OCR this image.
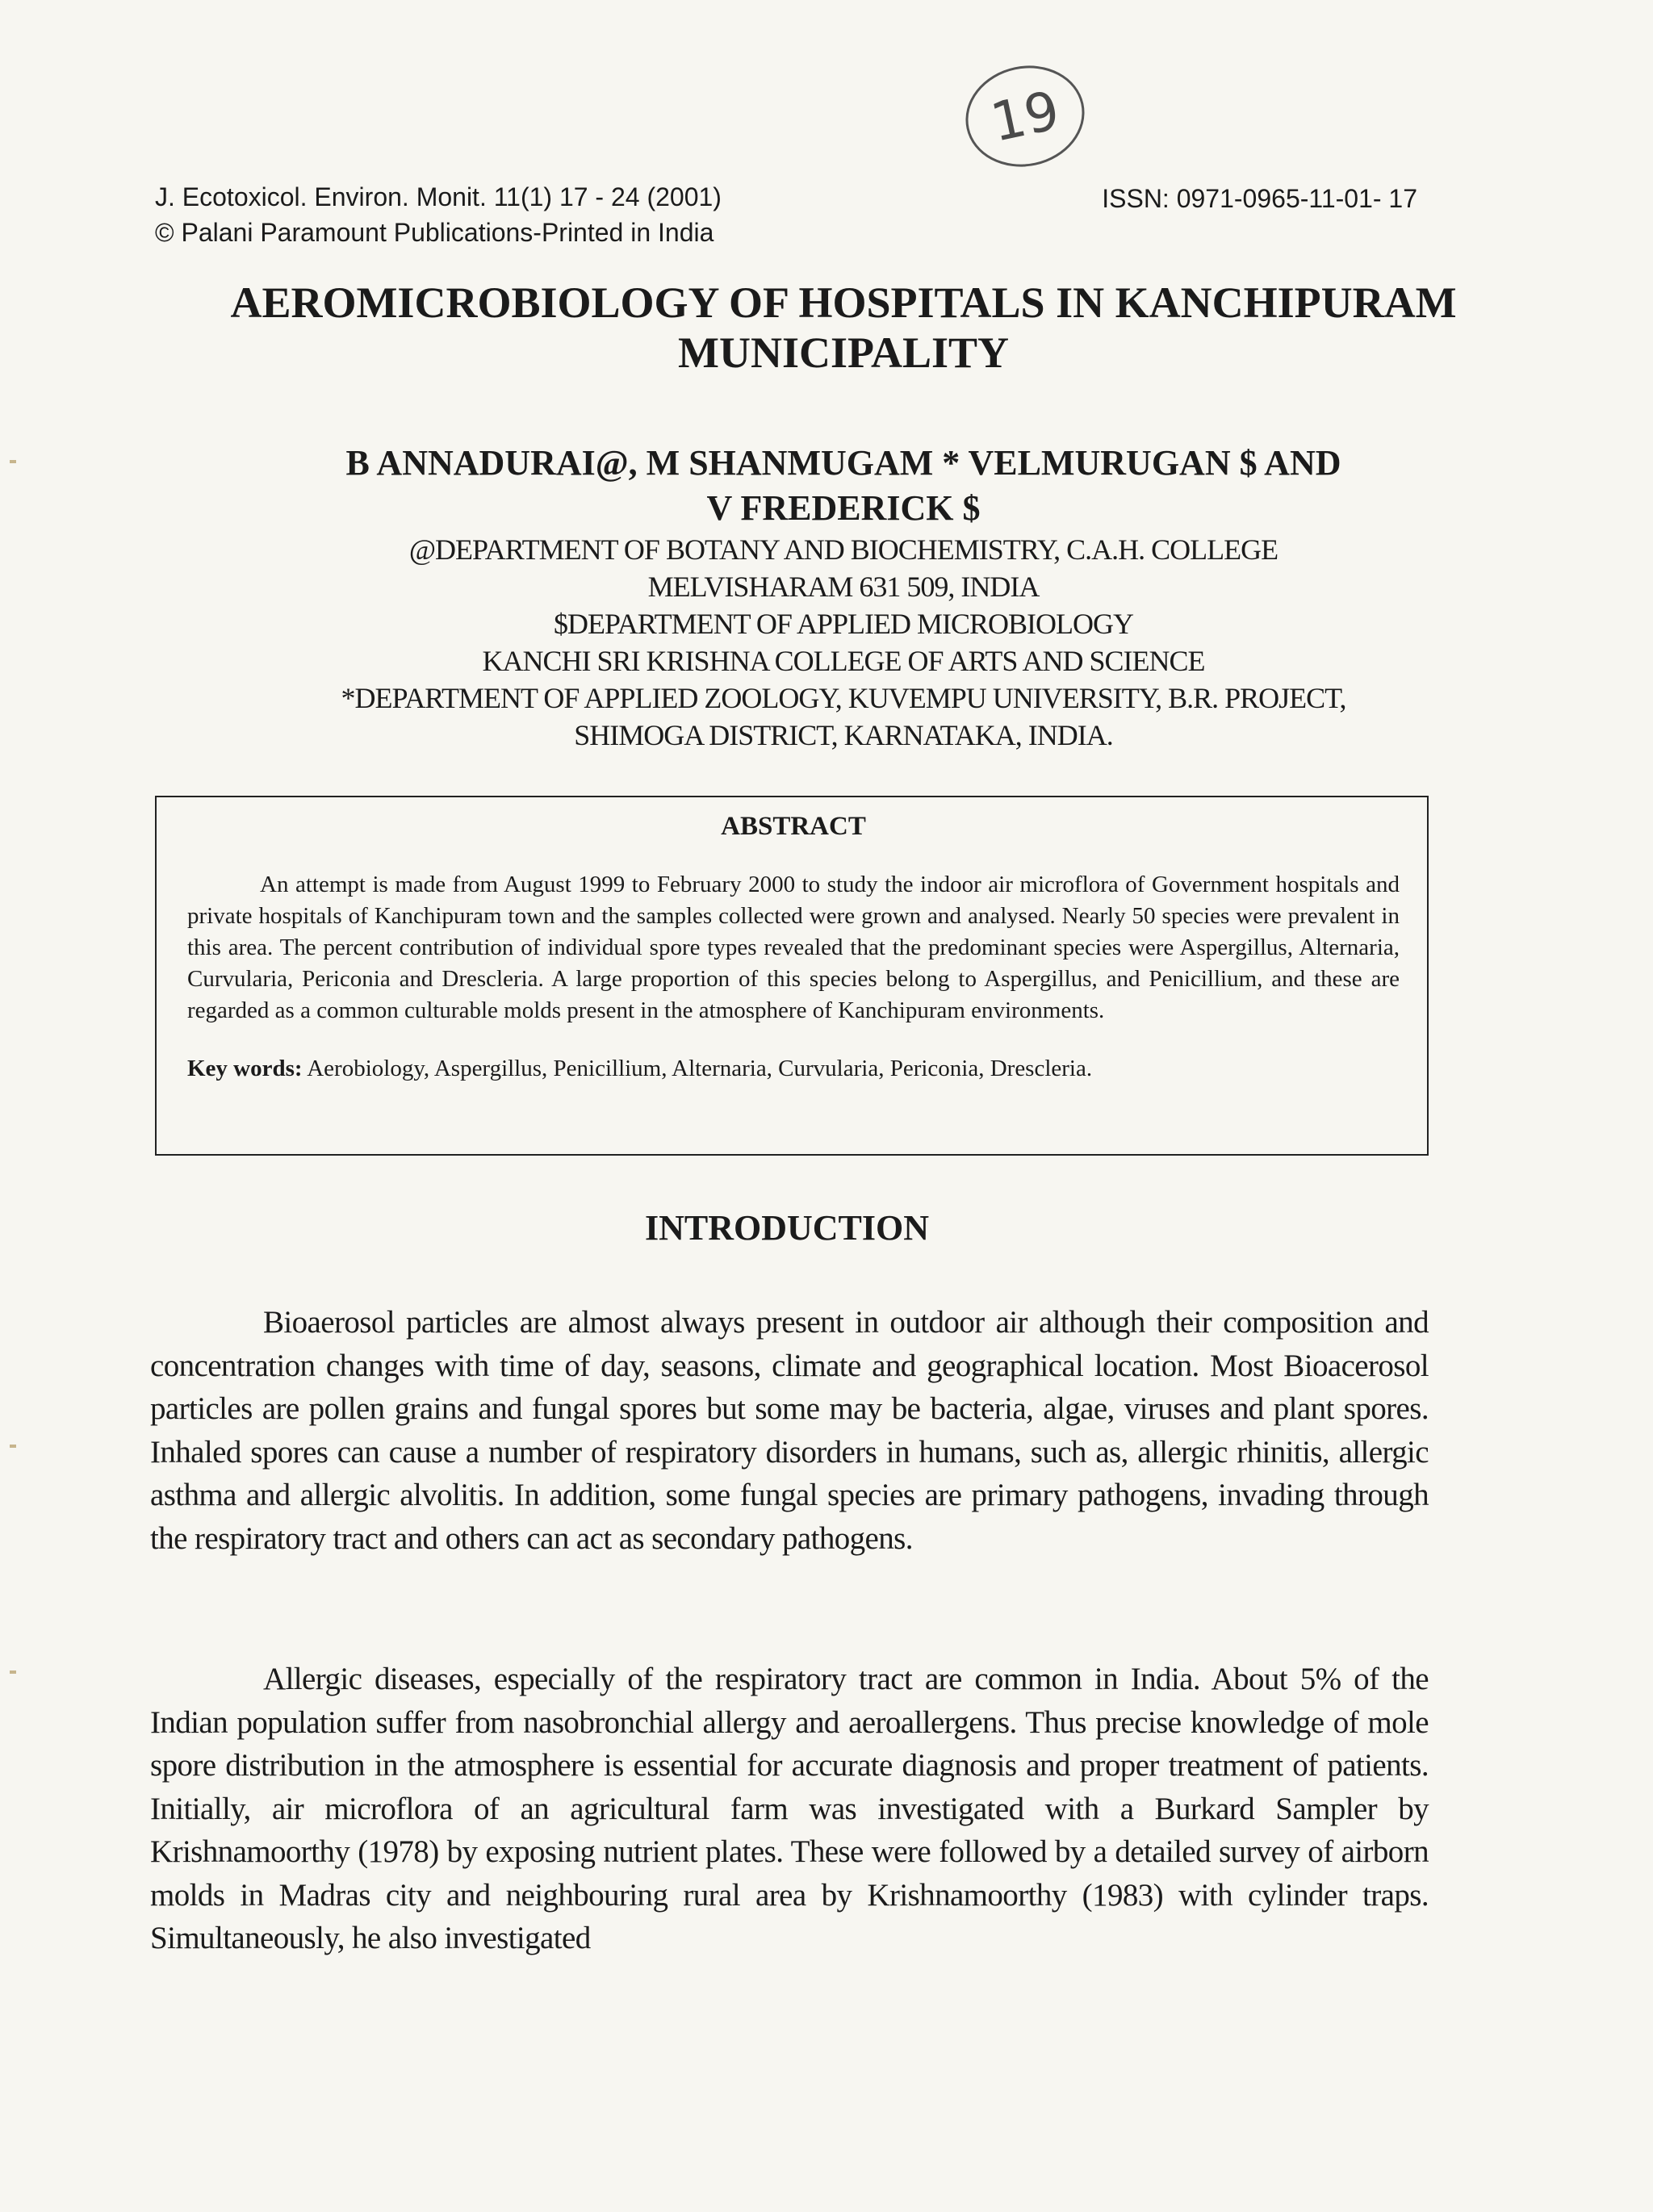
19
J. Ecotoxicol. Environ. Monit. 11(1) 17 - 24 (2001)
© Palani Paramount Publications-Printed in India
ISSN: 0971-0965-11-01- 17
AEROMICROBIOLOGY OF HOSPITALS IN KANCHIPURAM
MUNICIPALITY
B ANNADURAI@, M SHANMUGAM * VELMURUGAN $ AND
V FREDERICK $
@DEPARTMENT OF BOTANY AND BIOCHEMISTRY, C.A.H. COLLEGE
MELVISHARAM 631 509, INDIA
$DEPARTMENT OF APPLIED MICROBIOLOGY
KANCHI SRI KRISHNA COLLEGE OF ARTS AND SCIENCE
*DEPARTMENT OF APPLIED ZOOLOGY, KUVEMPU UNIVERSITY, B.R. PROJECT,
SHIMOGA DISTRICT, KARNATAKA, INDIA.
ABSTRACT

An attempt is made from August 1999 to February 2000 to study the indoor air microflora of Government hospitals and private hospitals of Kanchipuram town and the samples collected were grown and analysed. Nearly 50 species were prevalent in this area. The percent contribution of individual spore types revealed that the predominant species were Aspergillus, Alternaria, Curvularia, Periconia and Drescleria. A large proportion of this species belong to Aspergillus, and Penicillium, and these are regarded as a common culturable molds present in the atmosphere of Kanchipuram environments.

Key words: Aerobiology, Aspergillus, Penicillium, Alternaria, Curvularia, Periconia, Drescleria.
INTRODUCTION

Bioaerosol particles are almost always present in outdoor air although their composition and concentration changes with time of day, seasons, climate and geographical location. Most Bioacerosol particles are pollen grains and fungal spores but some may be bacteria, algae, viruses and plant spores. Inhaled spores can cause a number of respiratory disorders in humans, such as, allergic rhinitis, allergic asthma and allergic alvolitis. In addition, some fungal species are primary pathogens, invading through the respiratory tract and others can act as secondary pathogens.

Allergic diseases, especially of the respiratory tract are common in India. About 5% of the Indian population suffer from nasobronchial allergy and aeroallergens. Thus precise knowledge of mole spore distribution in the atmosphere is essential for accurate diagnosis and proper treatment of patients. Initially, air microflora of an agricultural farm was investigated with a Burkard Sampler by Krishnamoorthy (1978) by exposing nutrient plates. These were followed by a detailed survey of airborn molds in Madras city and neighbouring rural area by Krishnamoorthy (1983) with cylinder traps. Simultaneously, he also investigated
